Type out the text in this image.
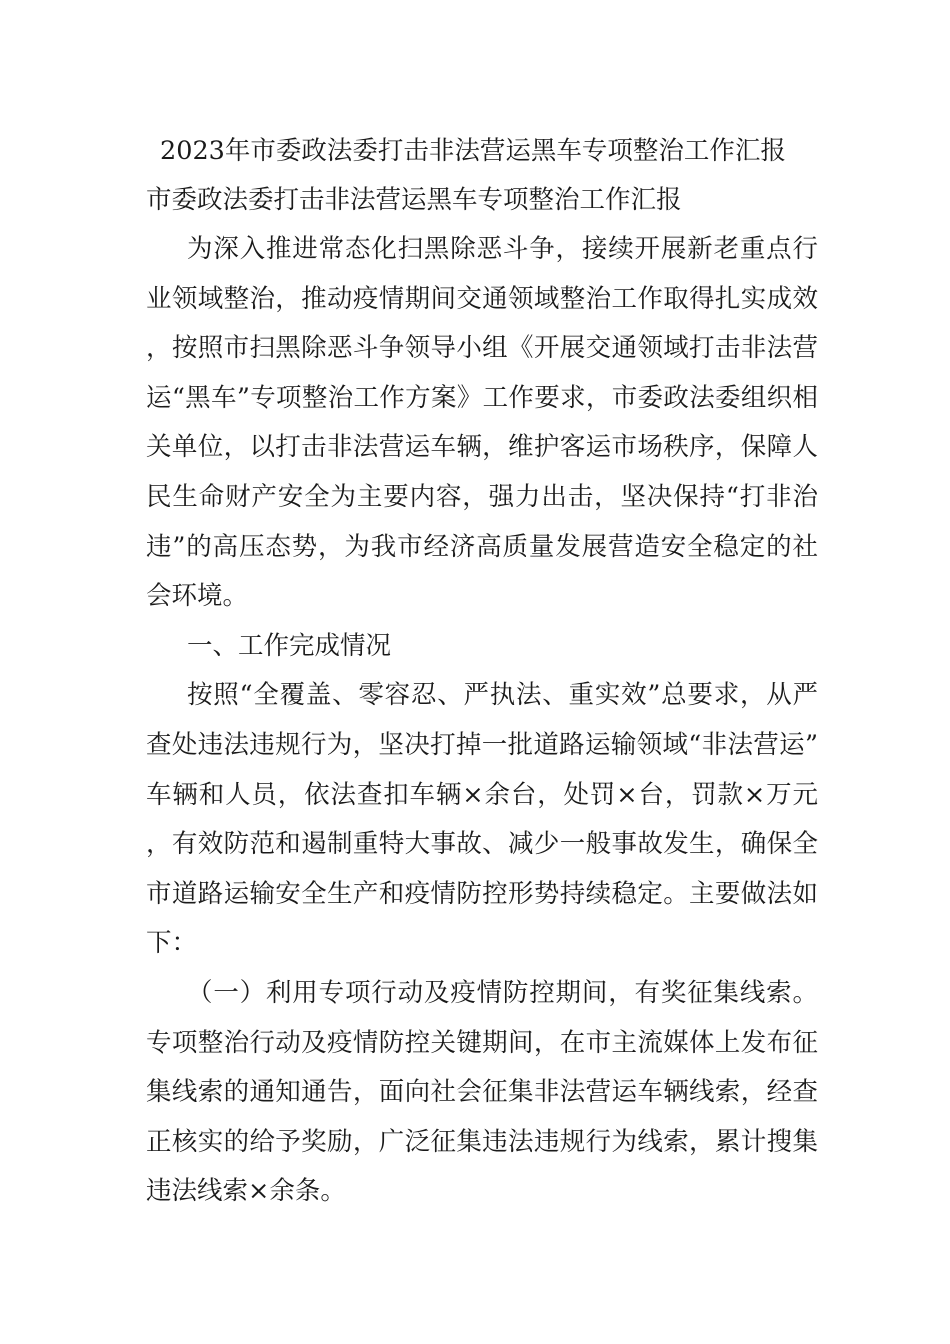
2023年市委政法委打击非法营运黑车专项整治工作汇报
市委政法委打击非法营运黑车专项整治工作汇报

为深入推进常态化扫黑除恶斗争，接续开展新老重点行业领域整治，推动疫情期间交通领域整治工作取得扎实成效，按照市扫黑除恶斗争领导小组《开展交通领域打击非法营运“黑车”专项整治工作方案》工作要求，市委政法委组织相关单位，以打击非法营运车辆，维护客运市场秩序，保障人民生命财产安全为主要内容，强力出击，坚决保持“打非治违”的高压态势，为我市经济高质量发展营造安全稳定的社会环境。

一、工作完成情况

按照“全覆盖、零容忍、严执法、重实效”总要求，从严查处违法违规行为，坚决打掉一批道路运输领域“非法营运”车辆和人员，依法查扣车辆×余台，处罚×台，罚款×万元，有效防范和遏制重特大事故、减少一般事故发生，确保全市道路运输安全生产和疫情防控形势持续稳定。主要做法如下：

（一）利用专项行动及疫情防控期间，有奖征集线索。专项整治行动及疫情防控关键期间，在市主流媒体上发布征集线索的通知通告，面向社会征集非法营运车辆线索，经查正核实的给予奖励，广泛征集违法违规行为线索，累计搜集违法线索×余条。
